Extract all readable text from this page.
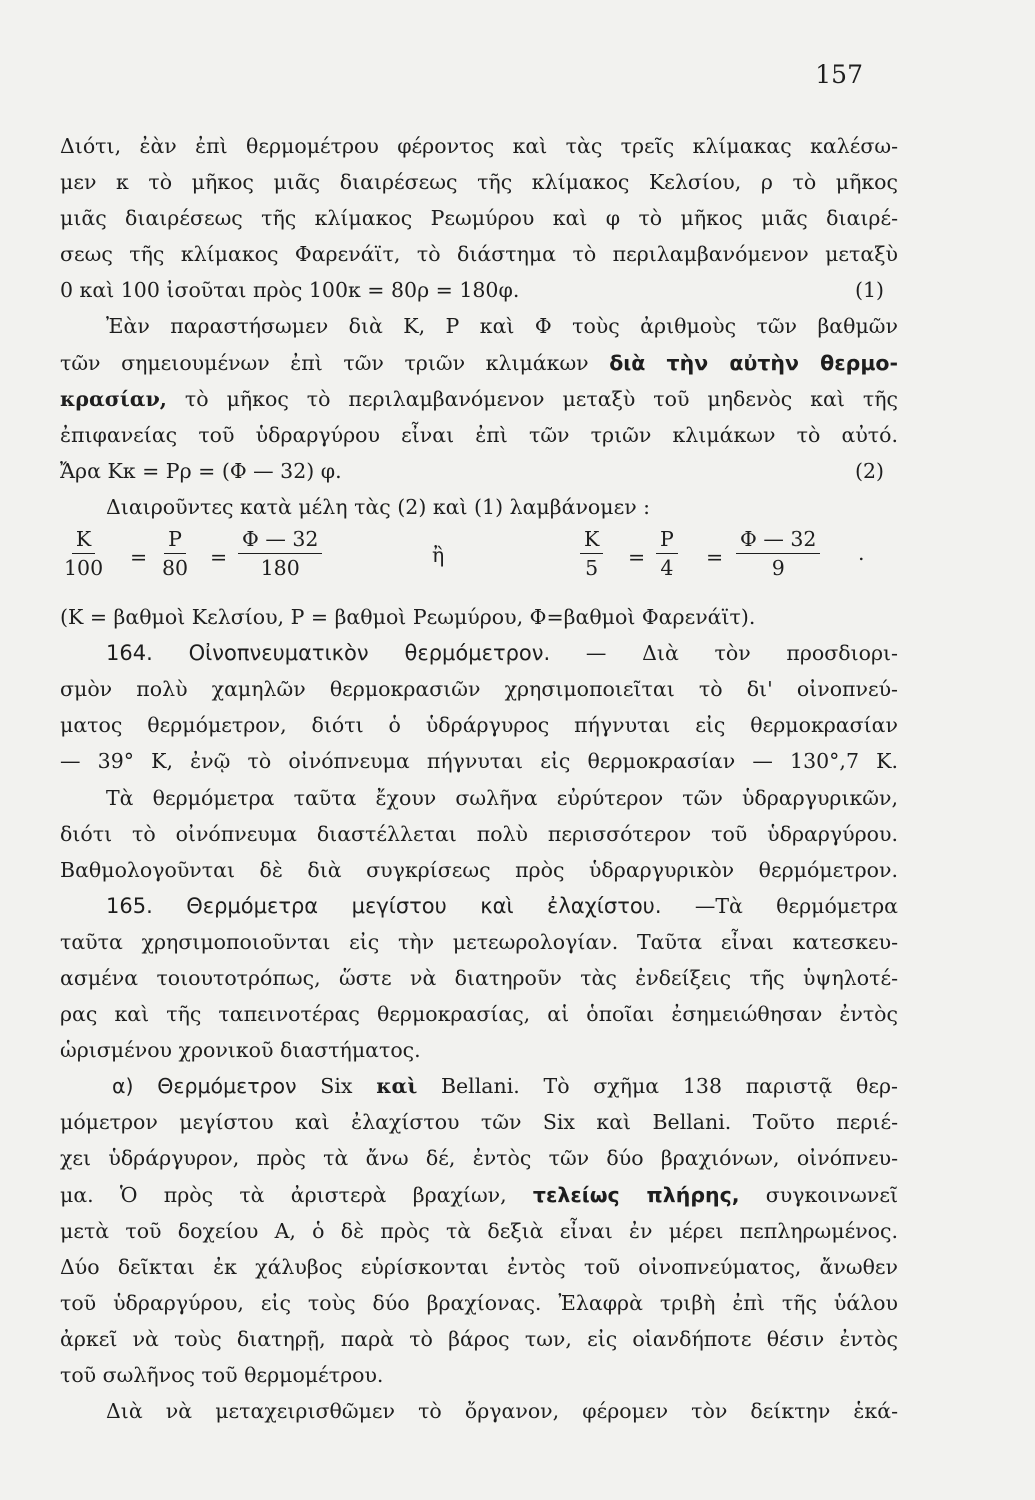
157
Διότι, ἐὰν ἐπὶ θερμομέτρου φέροντος καὶ τὰς τρεῖς κλίμακας καλέσω-
μεν κ τὸ μῆκος μιᾶς διαιρέσεως τῆς κλίμακος Κελσίου, ρ τὸ μῆκος
μιᾶς διαιρέσεως τῆς κλίμακος Ρεωμύρου καὶ φ τὸ μῆκος μιᾶς διαιρέ-
σεως τῆς κλίμακος Φαρενάϊτ, τὸ διάστημα τὸ περιλαμβανόμενον μεταξὺ
0 καὶ 100 ἰσοῦται πρὸς 100κ = 80ρ = 180φ.	(1)
Ἐὰν παραστήσωμεν διὰ Κ, Ρ καὶ Φ τοὺς ἀριθμοὺς τῶν βαθμῶν
τῶν σημειουμένων ἐπὶ τῶν τριῶν κλιμάκων διὰ τὴν αὐτὴν θερμο-
κρασίαν, τὸ μῆκος τὸ περιλαμβανόμενον μεταξὺ τοῦ μηδενὸς καὶ τῆς
ἐπιφανείας τοῦ ὑδραργύρου εἶναι ἐπὶ τῶν τριῶν κλιμάκων τὸ αὐτό.
Ἄρα Κκ = Ρρ = (Φ — 32) φ.	(2)
Διαιροῦντες κατὰ μέλη τὰς (2) καὶ (1) λαμβάνομεν :
$\frac{K}{100} = \frac{P}{80} = \frac{\Phi — 32}{180}$	ἢ	$\frac{K}{5} = \frac{P}{4} = \frac{\Phi — 32}{9}$ .
(Κ = βαθμοὶ Κελσίου, Ρ = βαθμοὶ Ρεωμύρου, Φ=βαθμοὶ Φαρενάϊτ).
164. Οἰνοπνευματικὸν θερμόμετρον. — Διὰ τὸν προσδιορι-
σμὸν πολὺ χαμηλῶν θερμοκρασιῶν χρησιμοποιεῖται τὸ δι' οἰνοπνεύ-
ματος θερμόμετρον, διότι ὁ ὑδράργυρος πήγνυται εἰς θερμοκρασίαν
— 39° Κ, ἐνῷ τὸ οἰνόπνευμα πήγνυται εἰς θερμοκρασίαν — 130°,7 Κ.
Τὰ θερμόμετρα ταῦτα ἔχουν σωλῆνα εὐρύτερον τῶν ὑδραργυρικῶν,
διότι τὸ οἰνόπνευμα διαστέλλεται πολὺ περισσότερον τοῦ ὑδραργύρου.
Βαθμολογοῦνται δὲ διὰ συγκρίσεως πρὸς ὑδραργυρικὸν θερμόμετρον.
165. Θερμόμετρα μεγίστου καὶ ἐλαχίστου. —Τὰ θερμόμετρα
ταῦτα χρησιμοποιοῦνται εἰς τὴν μετεωρολογίαν. Ταῦτα εἶναι κατεσκευ-
ασμένα τοιουτοτρόπως, ὥστε νὰ διατηροῦν τὰς ἐνδείξεις τῆς ὑψηλοτέ-
ρας καὶ τῆς ταπεινοτέρας θερμοκρασίας, αἱ ὁποῖαι ἐσημειώθησαν ἐντὸς
ὡρισμένου χρονικοῦ διαστήματος.
α) Θερμόμετρον Six καὶ Bellani. Τὸ σχῆμα 138 παριστᾷ θερ-
μόμετρον μεγίστου καὶ ἐλαχίστου τῶν Six καὶ Bellani. Τοῦτο περιέ-
χει ὑδράργυρον, πρὸς τὰ ἄνω δέ, ἐντὸς τῶν δύο βραχιόνων, οἰνόπνευ-
μα. Ὁ πρὸς τὰ ἀριστερὰ βραχίων, τελείως πλήρης, συγκοινωνεῖ
μετὰ τοῦ δοχείου Α, ὁ δὲ πρὸς τὰ δεξιὰ εἶναι ἐν μέρει πεπληρωμένος.
Δύο δεῖκται ἐκ χάλυβος εὑρίσκονται ἐντὸς τοῦ οἰνοπνεύματος, ἄνωθεν
τοῦ ὑδραργύρου, εἰς τοὺς δύο βραχίονας. Ἐλαφρὰ τριβὴ ἐπὶ τῆς ὑάλου
ἀρκεῖ νὰ τοὺς διατηρῇ, παρὰ τὸ βάρος των, εἰς οἱανδήποτε θέσιν ἐντὸς
τοῦ σωλῆνος τοῦ θερμομέτρου.
Διὰ νὰ μεταχειρισθῶμεν τὸ ὄργανον, φέρομεν τὸν δείκτην ἑκά-
